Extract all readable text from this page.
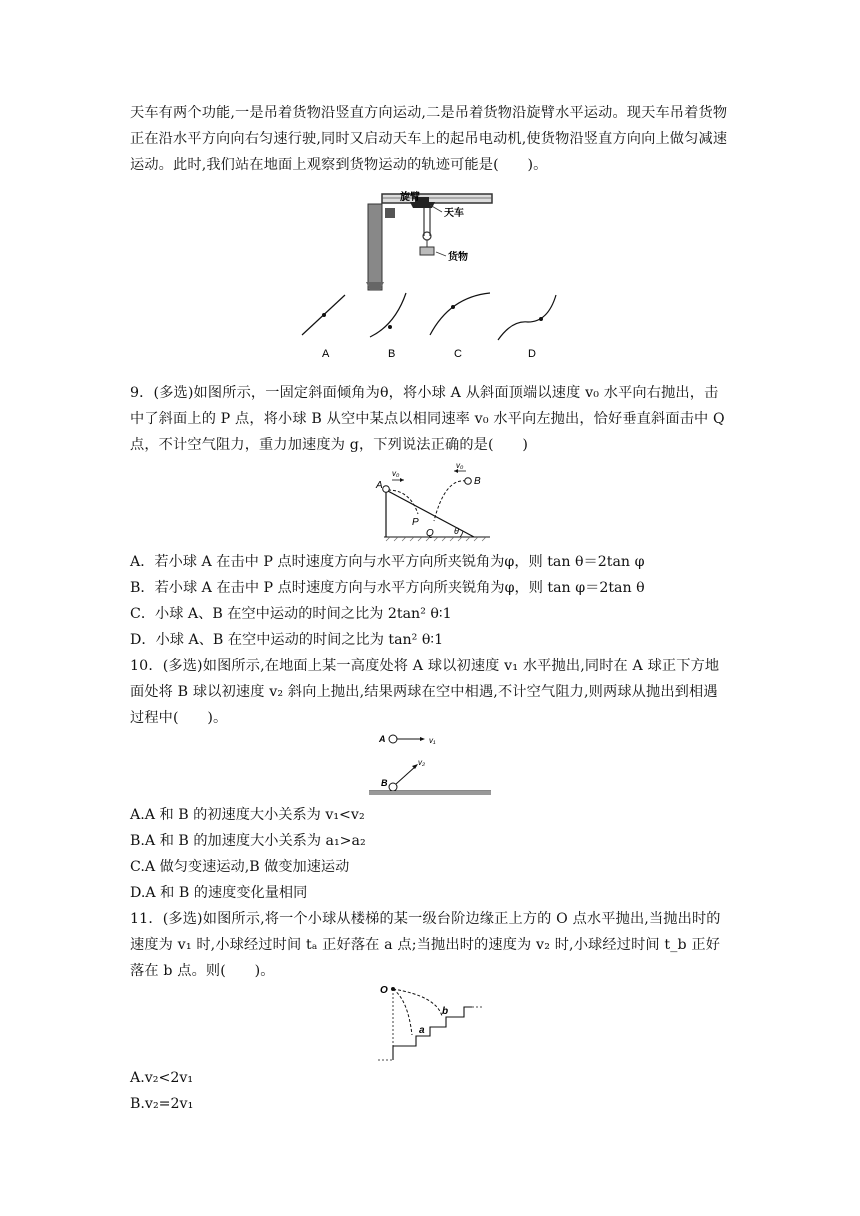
天车有两个功能,一是吊着货物沿竖直方向运动,二是吊着货物沿旋臂水平运动。现天车吊着货物正在沿水平方向向右匀速行驶,同时又启动天车上的起吊电动机,使货物沿竖直方向向上做匀减速运动。此时,我们站在地面上观察到货物运动的轨迹可能是(　　)。
旋臂
天车
货物
A	B	C	D
9．(多选)如图所示，一固定斜面倾角为θ，将小球 A 从斜面顶端以速度 v₀ 水平向右抛出，击中了斜面上的 P 点，将小球 B 从空中某点以相同速率 v₀ 水平向左抛出，恰好垂直斜面击中 Q 点，不计空气阻力，重力加速度为 g，下列说法正确的是(　　)
A	B
v₀
v₀
P
Q θ
A．若小球 A 在击中 P 点时速度方向与水平方向所夹锐角为φ，则 tan θ＝2tan φ
B．若小球 A 在击中 P 点时速度方向与水平方向所夹锐角为φ，则 tan φ＝2tan θ
C．小球 A、B 在空中运动的时间之比为 2tan² θ∶1
D．小球 A、B 在空中运动的时间之比为 tan² θ∶1
10．(多选)如图所示,在地面上某一高度处将 A 球以初速度 v₁ 水平抛出,同时在 A 球正下方地面处将 B 球以初速度 v₂ 斜向上抛出,结果两球在空中相遇,不计空气阻力,则两球从抛出到相遇过程中(　　)。
A	v₁
B
v₂
A.A 和 B 的初速度大小关系为 v₁<v₂
B.A 和 B 的加速度大小关系为 a₁>a₂
C.A 做匀变速运动,B 做变加速运动
D.A 和 B 的速度变化量相同
11．(多选)如图所示,将一个小球从楼梯的某一级台阶边缘正上方的 O 点水平抛出,当抛出时的速度为 v₁ 时,小球经过时间 tₐ 正好落在 a 点;当抛出时的速度为 v₂ 时,小球经过时间 t_b 正好落在 b 点。则(　　)。
O
a
b
A.v₂<2v₁
B.v₂=2v₁
